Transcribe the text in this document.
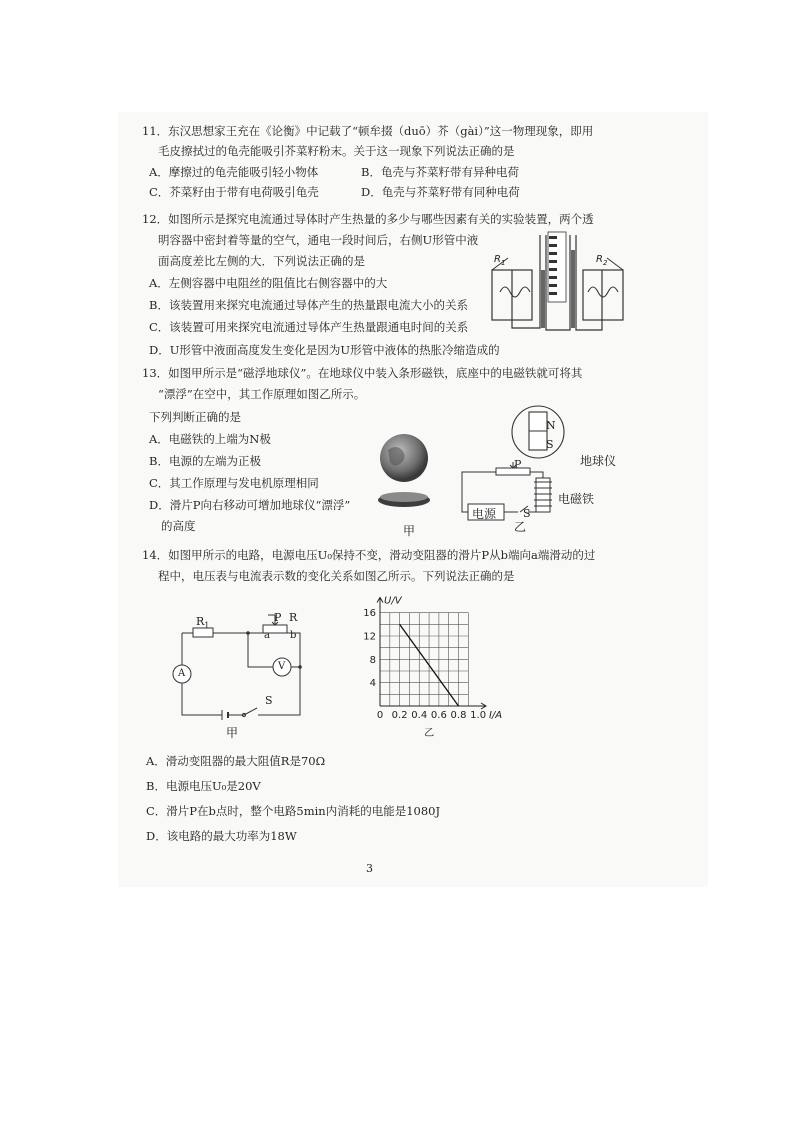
11．东汉思想家王充在《论衡》中记载了“顿牟掇（duō）芥（gài）”这一物理现象，即用
毛皮擦拭过的龟壳能吸引芥菜籽粉末。关于这一现象下列说法正确的是
A．摩擦过的龟壳能吸引轻小物体	B．龟壳与芥菜籽带有异种电荷
C．芥菜籽由于带有电荷吸引龟壳	D．龟壳与芥菜籽带有同种电荷
12．如图所示是探究电流通过导体时产生热量的多少与哪些因素有关的实验装置，两个透
明容器中密封着等量的空气，通电一段时间后，右侧U形管中液
面高度差比左侧的大．下列说法正确的是
A．左侧容器中电阻丝的阻值比右侧容器中的大
B．该装置用来探究电流通过导体产生的热量跟电流大小的关系
C．该装置可用来探究电流通过导体产生热量跟通电时间的关系
D．U形管中液面高度发生变化是因为U形管中液体的热胀冷缩造成的
$R_1$	$R_2$
13．如图甲所示是“磁浮地球仪”。在地球仪中装入条形磁铁，底座中的电磁铁就可将其
“漂浮”在空中，其工作原理如图乙所示。
下列判断正确的是
A．电磁铁的上端为N极
B．电源的左端为正极
C．其工作原理与发电机原理相同
D．滑片P向右移动可增加地球仪“漂浮”
的高度	甲
N
S
地球仪
P
电磁铁
电源 S
乙
14．如图甲所示的电路，电源电压U₀保持不变，滑动变阻器的滑片P从b端向a端滑动的过
程中，电压表与电流表示数的变化关系如图乙所示。下列说法正确的是
$R_1$
P R
a b
A
V
S
甲
0 0.2 0.4 0.6 0.8 1.0
4
8
12
16
U/V
I/A
乙
A．滑动变阻器的最大阻值R是70Ω
B．电源电压U₀是20V
C．滑片P在b点时，整个电路5min内消耗的电能是1080J
D．该电路的最大功率为18W
3
